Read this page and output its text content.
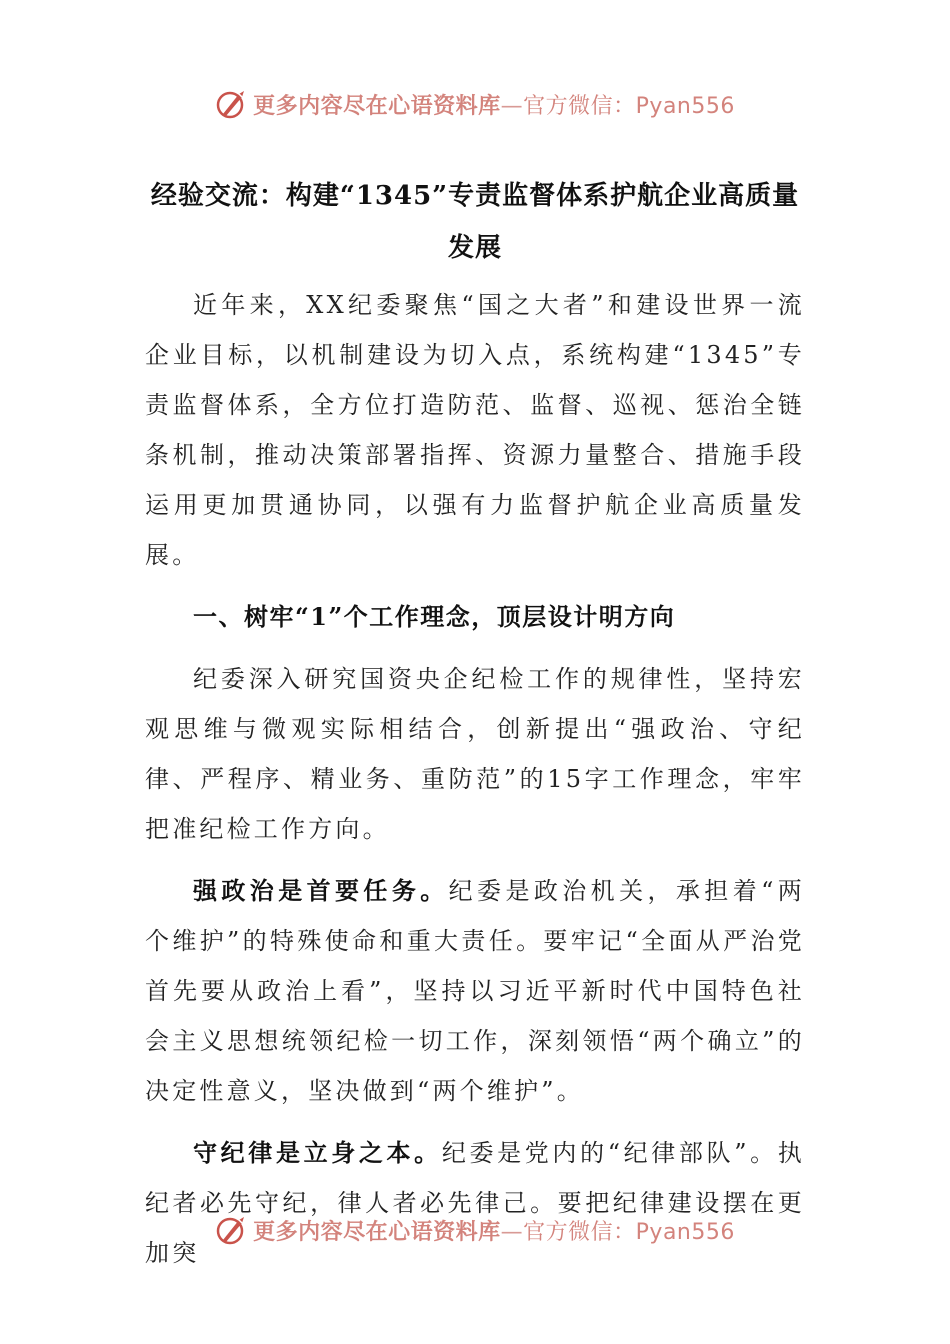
更多内容尽在心语资料库—官方微信：Pyan556
经验交流：构建“1345”专责监督体系护航企业高质量发展

近年来，XX纪委聚焦“国之大者”和建设世界一流企业目标，以机制建设为切入点，系统构建“1345”专责监督体系，全方位打造防范、监督、巡视、惩治全链条机制，推动决策部署指挥、资源力量整合、措施手段运用更加贯通协同，以强有力监督护航企业高质量发展。

一、树牢“1”个工作理念，顶层设计明方向

纪委深入研究国资央企纪检工作的规律性，坚持宏观思维与微观实际相结合，创新提出“强政治、守纪律、严程序、精业务、重防范”的15字工作理念，牢牢把准纪检工作方向。

强政治是首要任务。纪委是政治机关，承担着“两个维护”的特殊使命和重大责任。要牢记“全面从严治党首先要从政治上看”，坚持以习近平新时代中国特色社会主义思想统领纪检一切工作，深刻领悟“两个确立”的决定性意义，坚决做到“两个维护”。

守纪律是立身之本。纪委是党内的“纪律部队”。执纪者必先守纪，律人者必先律己。要把纪律建设摆在更加突

更多内容尽在心语资料库—官方微信：Pyan556
